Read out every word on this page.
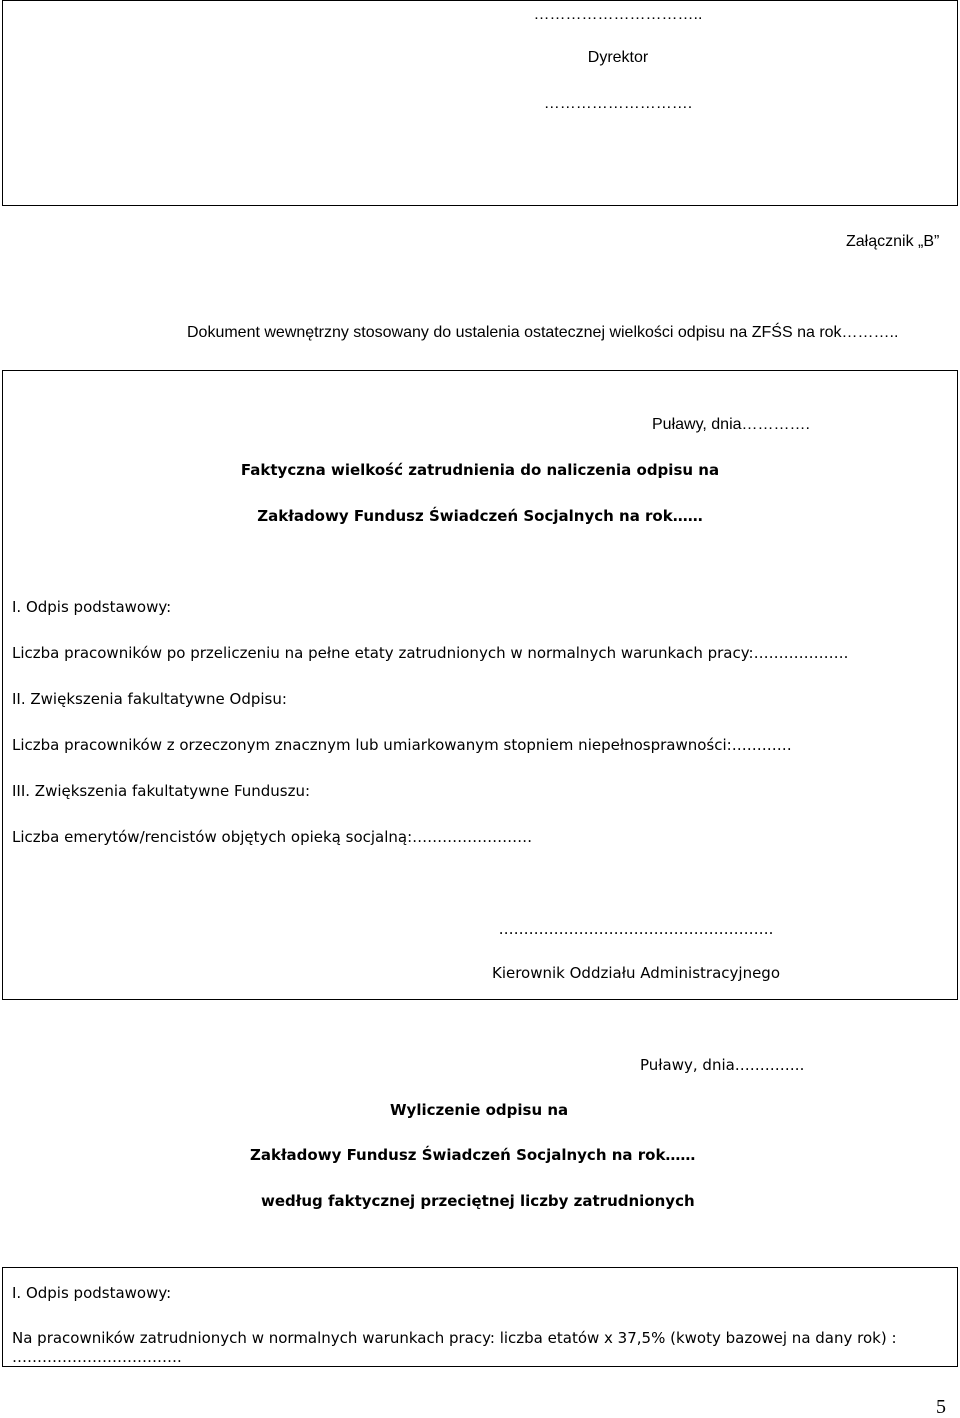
…………………………..
Dyrektor
……………………….
Załącznik „B”
Dokument wewnętrzny stosowany do ustalenia ostatecznej wielkości odpisu na ZFŚS na rok………..
Puławy, dnia………….
Faktyczna wielkość zatrudnienia do naliczenia odpisu na
Zakładowy Fundusz Świadczeń Socjalnych na rok……
I. Odpis podstawowy:
Liczba pracowników po przeliczeniu na pełne etaty zatrudnionych w normalnych warunkach pracy:……………….
II. Zwiększenia fakultatywne Odpisu:
Liczba pracowników z orzeczonym znacznym lub umiarkowanym stopniem niepełnosprawności:…………
III. Zwiększenia fakultatywne Funduszu:
Liczba emerytów/rencistów objętych opieką socjalną:……………………
……………………………………………….
Kierownik Oddziału Administracyjnego
Puławy, dnia…………..
Wyliczenie odpisu na
Zakładowy Fundusz Świadczeń Socjalnych na rok……
według faktycznej przeciętnej liczby zatrudnionych
I. Odpis podstawowy:
Na pracowników zatrudnionych w normalnych warunkach pracy: liczba etatów x 37,5% (kwoty bazowej na dany rok) :
…………………………….
5
